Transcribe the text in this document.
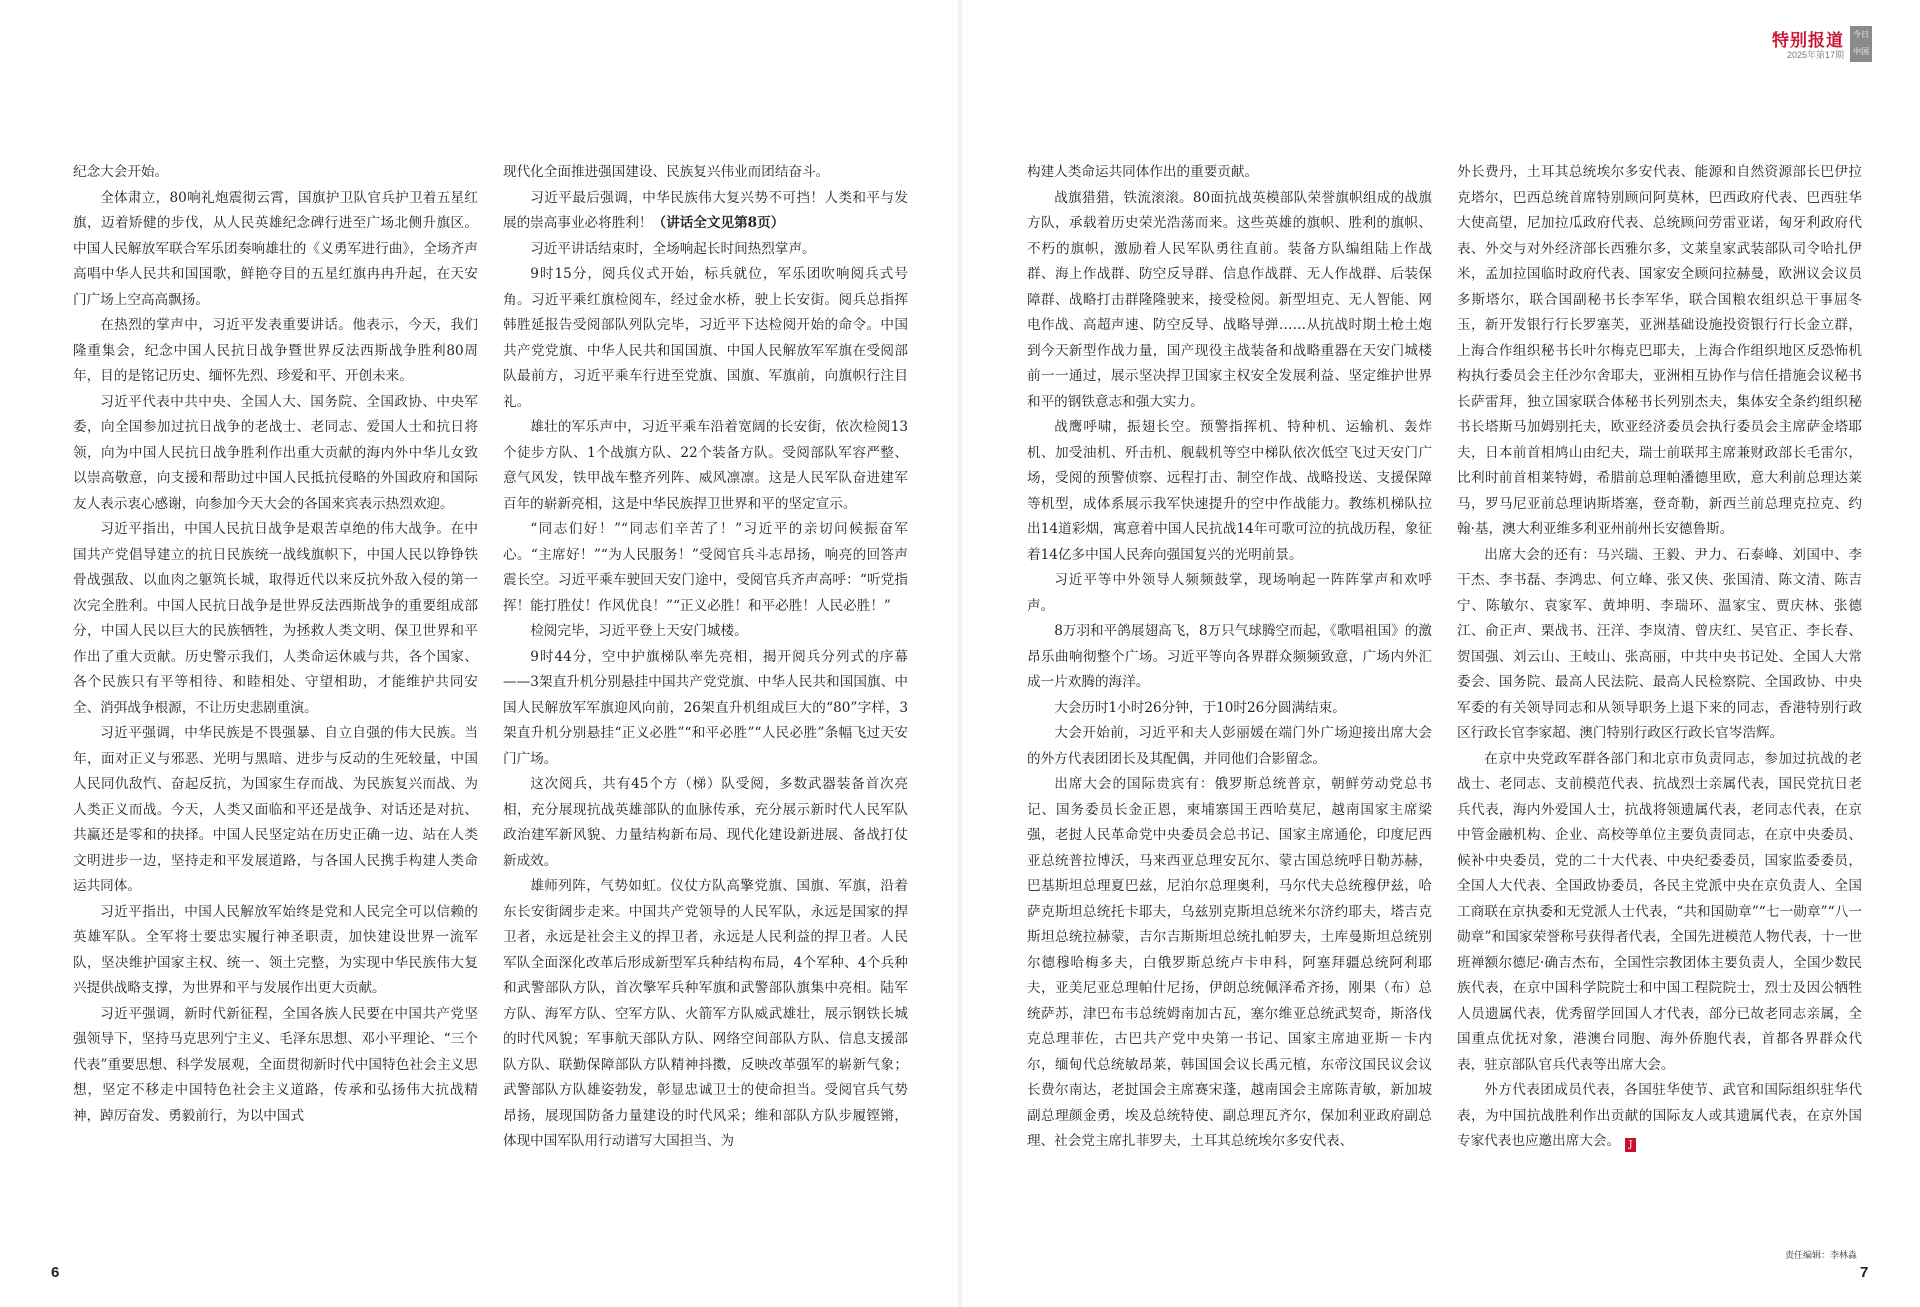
特别报道
2025年第17期
今日 中国

纪念大会开始。

全体肃立，80响礼炮震彻云霄，国旗护卫队官兵护卫着五星红旗，迈着矫健的步伐，从人民英雄纪念碑行进至广场北侧升旗区。中国人民解放军联合军乐团奏响雄壮的《义勇军进行曲》，全场齐声高唱中华人民共和国国歌，鲜艳夺目的五星红旗冉冉升起，在天安门广场上空高高飘扬。

在热烈的掌声中，习近平发表重要讲话。他表示，今天，我们隆重集会，纪念中国人民抗日战争暨世界反法西斯战争胜利80周年，目的是铭记历史、缅怀先烈、珍爱和平、开创未来。

习近平代表中共中央、全国人大、国务院、全国政协、中央军委，向全国参加过抗日战争的老战士、老同志、爱国人士和抗日将领，向为中国人民抗日战争胜利作出重大贡献的海内外中华儿女致以崇高敬意，向支援和帮助过中国人民抵抗侵略的外国政府和国际友人表示衷心感谢，向参加今天大会的各国来宾表示热烈欢迎。

习近平指出，中国人民抗日战争是艰苦卓绝的伟大战争。在中国共产党倡导建立的抗日民族统一战线旗帜下，中国人民以铮铮铁骨战强敌、以血肉之躯筑长城，取得近代以来反抗外敌入侵的第一次完全胜利。中国人民抗日战争是世界反法西斯战争的重要组成部分，中国人民以巨大的民族牺牲，为拯救人类文明、保卫世界和平作出了重大贡献。历史警示我们，人类命运休戚与共，各个国家、各个民族只有平等相待、和睦相处、守望相助，才能维护共同安全、消弭战争根源，不让历史悲剧重演。

习近平强调，中华民族是不畏强暴、自立自强的伟大民族。当年，面对正义与邪恶、光明与黑暗、进步与反动的生死较量，中国人民同仇敌忾、奋起反抗，为国家生存而战、为民族复兴而战、为人类正义而战。今天，人类又面临和平还是战争、对话还是对抗、共赢还是零和的抉择。中国人民坚定站在历史正确一边、站在人类文明进步一边，坚持走和平发展道路，与各国人民携手构建人类命运共同体。

习近平指出，中国人民解放军始终是党和人民完全可以信赖的英雄军队。全军将士要忠实履行神圣职责，加快建设世界一流军队，坚决维护国家主权、统一、领土完整，为实现中华民族伟大复兴提供战略支撑，为世界和平与发展作出更大贡献。

习近平强调，新时代新征程，全国各族人民要在中国共产党坚强领导下，坚持马克思列宁主义、毛泽东思想、邓小平理论、“三个代表”重要思想、科学发展观，全面贯彻新时代中国特色社会主义思想，坚定不移走中国特色社会主义道路，传承和弘扬伟大抗战精神，踔厉奋发、勇毅前行，为以中国式

现代化全面推进强国建设、民族复兴伟业而团结奋斗。

习近平最后强调，中华民族伟大复兴势不可挡！人类和平与发展的崇高事业必将胜利！（讲话全文见第8页）

习近平讲话结束时，全场响起长时间热烈掌声。

9时15分，阅兵仪式开始，标兵就位，军乐团吹响阅兵式号角。习近平乘红旗检阅车，经过金水桥，驶上长安街。阅兵总指挥韩胜延报告受阅部队列队完毕，习近平下达检阅开始的命令。中国共产党党旗、中华人民共和国国旗、中国人民解放军军旗在受阅部队最前方，习近平乘车行进至党旗、国旗、军旗前，向旗帜行注目礼。

雄壮的军乐声中，习近平乘车沿着宽阔的长安街，依次检阅13个徒步方队、1个战旗方队、22个装备方队。受阅部队军容严整、意气风发，铁甲战车整齐列阵、威风凛凛。这是人民军队奋进建军百年的崭新亮相，这是中华民族捍卫世界和平的坚定宣示。

“同志们好！”“同志们辛苦了！”习近平的亲切问候振奋军心。“主席好！”“为人民服务！”受阅官兵斗志昂扬，响亮的回答声震长空。习近平乘车驶回天安门途中，受阅官兵齐声高呼：“听党指挥！能打胜仗！作风优良！”“正义必胜！和平必胜！人民必胜！”

检阅完毕，习近平登上天安门城楼。

9时44分，空中护旗梯队率先亮相，揭开阅兵分列式的序幕——3架直升机分别悬挂中国共产党党旗、中华人民共和国国旗、中国人民解放军军旗迎风向前，26架直升机组成巨大的“80”字样，3架直升机分别悬挂“正义必胜”“和平必胜”“人民必胜”条幅飞过天安门广场。

这次阅兵，共有45个方（梯）队受阅，多数武器装备首次亮相，充分展现抗战英雄部队的血脉传承，充分展示新时代人民军队政治建军新风貌、力量结构新布局、现代化建设新进展、备战打仗新成效。

雄师列阵，气势如虹。仪仗方队高擎党旗、国旗、军旗，沿着东长安街阔步走来。中国共产党领导的人民军队，永远是国家的捍卫者，永远是社会主义的捍卫者，永远是人民利益的捍卫者。人民军队全面深化改革后形成新型军兵种结构布局，4个军种、4个兵种和武警部队方队，首次擎军兵种军旗和武警部队旗集中亮相。陆军方队、海军方队、空军方队、火箭军方队威武雄壮，展示钢铁长城的时代风貌；军事航天部队方队、网络空间部队方队、信息支援部队方队、联勤保障部队方队精神抖擞，反映改革强军的崭新气象；武警部队方队雄姿勃发，彰显忠诚卫士的使命担当。受阅官兵气势昂扬，展现国防备力量建设的时代风采；维和部队方队步履铿锵，体现中国军队用行动谱写大国担当、为

构建人类命运共同体作出的重要贡献。

战旗猎猎，铁流滚滚。80面抗战英模部队荣誉旗帜组成的战旗方队，承载着历史荣光浩荡而来。这些英雄的旗帜、胜利的旗帜、不朽的旗帜，激励着人民军队勇往直前。装备方队编组陆上作战群、海上作战群、防空反导群、信息作战群、无人作战群、后装保障群、战略打击群隆隆驶来，接受检阅。新型坦克、无人智能、网电作战、高超声速、防空反导、战略导弹……从抗战时期土枪土炮到今天新型作战力量，国产现役主战装备和战略重器在天安门城楼前一一通过，展示坚决捍卫国家主权安全发展利益、坚定维护世界和平的钢铁意志和强大实力。

战鹰呼啸，振翅长空。预警指挥机、特种机、运输机、轰炸机、加受油机、歼击机、舰载机等空中梯队依次低空飞过天安门广场，受阅的预警侦察、远程打击、制空作战、战略投送、支援保障等机型，成体系展示我军快速提升的空中作战能力。教练机梯队拉出14道彩烟，寓意着中国人民抗战14年可歌可泣的抗战历程，象征着14亿多中国人民奔向强国复兴的光明前景。

习近平等中外领导人频频鼓掌，现场响起一阵阵掌声和欢呼声。

8万羽和平鸽展翅高飞，8万只气球腾空而起，《歌唱祖国》的激昂乐曲响彻整个广场。习近平等向各界群众频频致意，广场内外汇成一片欢腾的海洋。

大会历时1小时26分钟，于10时26分圆满结束。

大会开始前，习近平和夫人彭丽媛在端门外广场迎接出席大会的外方代表团团长及其配偶，并同他们合影留念。

出席大会的国际贵宾有：俄罗斯总统普京，朝鲜劳动党总书记、国务委员长金正恩，柬埔寨国王西哈莫尼，越南国家主席梁强，老挝人民革命党中央委员会总书记、国家主席通伦，印度尼西亚总统普拉博沃，马来西亚总理安瓦尔、蒙古国总统呼日勒苏赫，巴基斯坦总理夏巴兹，尼泊尔总理奥利，马尔代夫总统穆伊兹，哈萨克斯坦总统托卡耶夫，乌兹别克斯坦总统米尔济约耶夫，塔吉克斯坦总统拉赫蒙，吉尔吉斯斯坦总统扎帕罗夫，土库曼斯坦总统别尔德穆哈梅多夫，白俄罗斯总统卢卡申科，阿塞拜疆总统阿利耶夫，亚美尼亚总理帕什尼扬，伊朗总统佩泽希齐扬，刚果（布）总统萨苏，津巴布韦总统姆南加古瓦，塞尔维亚总统武契奇，斯洛伐克总理菲佐，古巴共产党中央第一书记、国家主席迪亚斯－卡内尔，缅甸代总统敏昂莱，韩国国会议长禹元植，东帝汶国民议会议长费尔南达，老挝国会主席赛宋蓬，越南国会主席陈青敏，新加坡副总理颜金勇，埃及总统特使、副总理瓦齐尔，保加利亚政府副总理、社会党主席扎菲罗夫，土耳其总统埃尔多安代表、

外长费丹，土耳其总统埃尔多安代表、能源和自然资源部长巴伊拉克塔尔，巴西总统首席特别顾问阿莫林，巴西政府代表、巴西驻华大使高望，尼加拉瓜政府代表、总统顾问劳雷亚诺，匈牙利政府代表、外交与对外经济部长西雅尔多，文莱皇家武装部队司令哈扎伊米，孟加拉国临时政府代表、国家安全顾问拉赫曼，欧洲议会议员多斯塔尔，联合国副秘书长李军华，联合国粮农组织总干事屈冬玉，新开发银行行长罗塞芙，亚洲基础设施投资银行行长金立群，上海合作组织秘书长叶尔梅克巴耶夫，上海合作组织地区反恐怖机构执行委员会主任沙尔舍耶夫，亚洲相互协作与信任措施会议秘书长萨雷拜，独立国家联合体秘书长列别杰夫，集体安全条约组织秘书长塔斯马加姆别托夫，欧亚经济委员会执行委员会主席萨金塔耶夫，日本前首相鸠山由纪夫，瑞士前联邦主席兼财政部长毛雷尔，比利时前首相莱特姆，希腊前总理帕潘德里欧，意大利前总理达莱马，罗马尼亚前总理讷斯塔塞，登奇勒，新西兰前总理克拉克、约翰·基，澳大利亚维多利亚州前州长安德鲁斯。

出席大会的还有：马兴瑞、王毅、尹力、石泰峰、刘国中、李干杰、李书磊、李鸿忠、何立峰、张又侠、张国清、陈文清、陈吉宁、陈敏尔、袁家军、黄坤明、李瑞环、温家宝、贾庆林、张德江、俞正声、栗战书、汪洋、李岚清、曾庆红、吴官正、李长春、贺国强、刘云山、王岐山、张高丽，中共中央书记处、全国人大常委会、国务院、最高人民法院、最高人民检察院、全国政协、中央军委的有关领导同志和从领导职务上退下来的同志，香港特别行政区行政长官李家超、澳门特别行政区行政长官岑浩辉。

在京中央党政军群各部门和北京市负责同志，参加过抗战的老战士、老同志、支前模范代表、抗战烈士亲属代表，国民党抗日老兵代表，海内外爱国人士，抗战将领遗属代表，老同志代表，在京中管金融机构、企业、高校等单位主要负责同志，在京中央委员、候补中央委员，党的二十大代表、中央纪委委员，国家监委委员，全国人大代表、全国政协委员，各民主党派中央在京负责人、全国工商联在京执委和无党派人士代表，“共和国勋章”“七一勋章”“八一勋章”和国家荣誉称号获得者代表，全国先进模范人物代表，十一世班禅额尔德尼·确吉杰布，全国性宗教团体主要负责人，全国少数民族代表，在京中国科学院院士和中国工程院院士，烈士及因公牺牲人员遗属代表，优秀留学回国人才代表，部分已故老同志亲属，全国重点优抚对象，港澳台同胞、海外侨胞代表，首都各界群众代表，驻京部队官兵代表等出席大会。

外方代表团成员代表，各国驻华使节、武官和国际组织驻华代表，为中国抗战胜利作出贡献的国际友人或其遗属代表，在京外国专家代表也应邀出席大会。 J

6	7
责任编辑：李林淼
